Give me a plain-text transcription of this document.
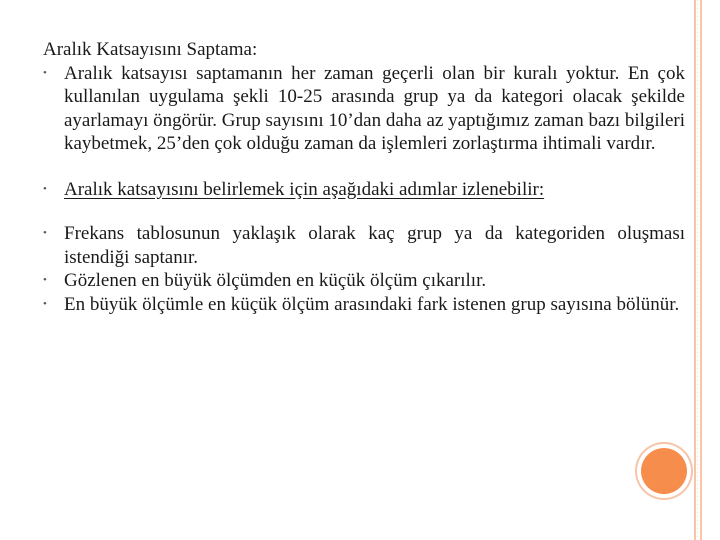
Aralık Katsayısını Saptama:
• Aralık katsayısı saptamanın her zaman geçerli olan bir kuralı yoktur. En çok kullanılan uygulama şekli 10-25 arasında grup ya da kategori olacak şekilde ayarlamayı öngörür. Grup sayısını 10’dan daha az yaptığımız zaman bazı bilgileri kaybetmek, 25’den çok olduğu zaman da işlemleri zorlaştırma ihtimali vardır.
• Aralık katsayısını belirlemek için aşağıdaki adımlar izlenebilir:
• Frekans tablosunun yaklaşık olarak kaç grup ya da kategoriden oluşması istendiği saptanır.
• Gözlenen en büyük ölçümden en küçük ölçüm çıkarılır.
• En büyük ölçümle en küçük ölçüm arasındaki fark istenen grup sayısına bölünür.
